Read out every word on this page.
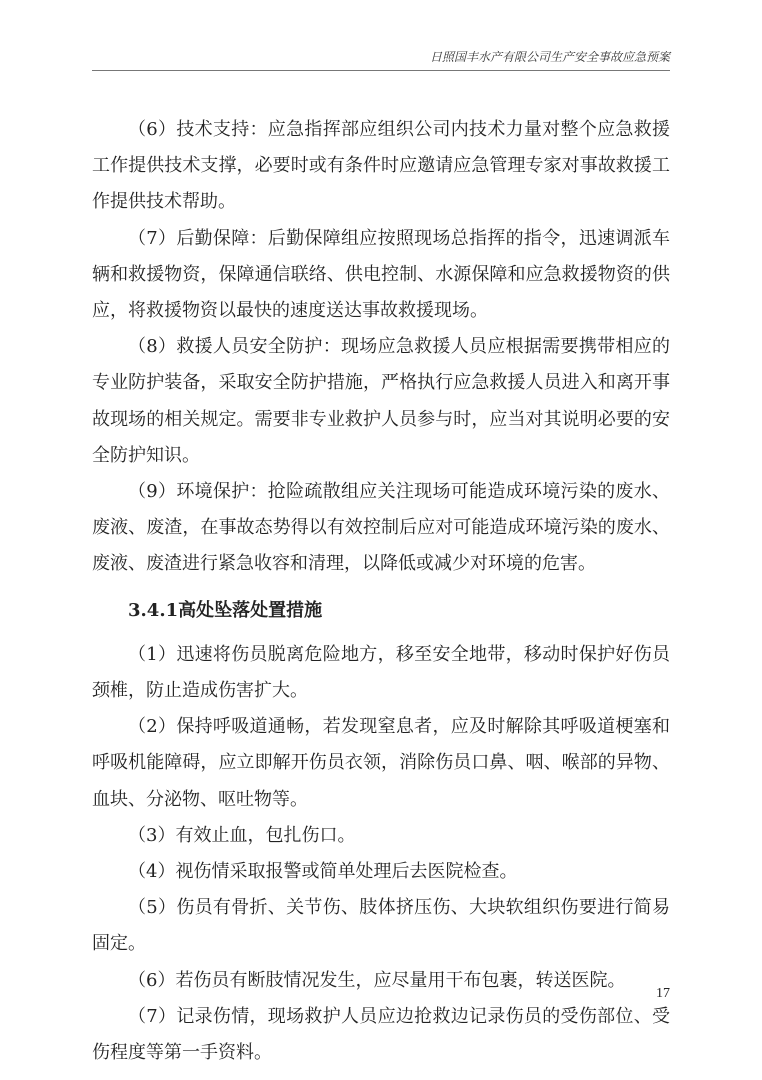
日照国丰水产有限公司生产安全事故应急预案

（6）技术支持：应急指挥部应组织公司内技术力量对整个应急救援工作提供技术支撑，必要时或有条件时应邀请应急管理专家对事故救援工作提供技术帮助。

（7）后勤保障：后勤保障组应按照现场总指挥的指令，迅速调派车辆和救援物资，保障通信联络、供电控制、水源保障和应急救援物资的供应，将救援物资以最快的速度送达事故救援现场。

（8）救援人员安全防护：现场应急救援人员应根据需要携带相应的专业防护装备，采取安全防护措施，严格执行应急救援人员进入和离开事故现场的相关规定。需要非专业救护人员参与时，应当对其说明必要的安全防护知识。

（9）环境保护：抢险疏散组应关注现场可能造成环境污染的废水、废液、废渣，在事故态势得以有效控制后应对可能造成环境污染的废水、废液、废渣进行紧急收容和清理，以降低或减少对环境的危害。

3.4.1高处坠落处置措施

（1）迅速将伤员脱离危险地方，移至安全地带，移动时保护好伤员颈椎，防止造成伤害扩大。

（2）保持呼吸道通畅，若发现窒息者，应及时解除其呼吸道梗塞和呼吸机能障碍，应立即解开伤员衣领，消除伤员口鼻、咽、喉部的异物、血块、分泌物、呕吐物等。

（3）有效止血，包扎伤口。

（4）视伤情采取报警或简单处理后去医院检查。

（5）伤员有骨折、关节伤、肢体挤压伤、大块软组织伤要进行简易固定。

（6）若伤员有断肢情况发生，应尽量用干布包裹，转送医院。

（7）记录伤情，现场救护人员应边抢救边记录伤员的受伤部位、受伤程度等第一手资料。

17
